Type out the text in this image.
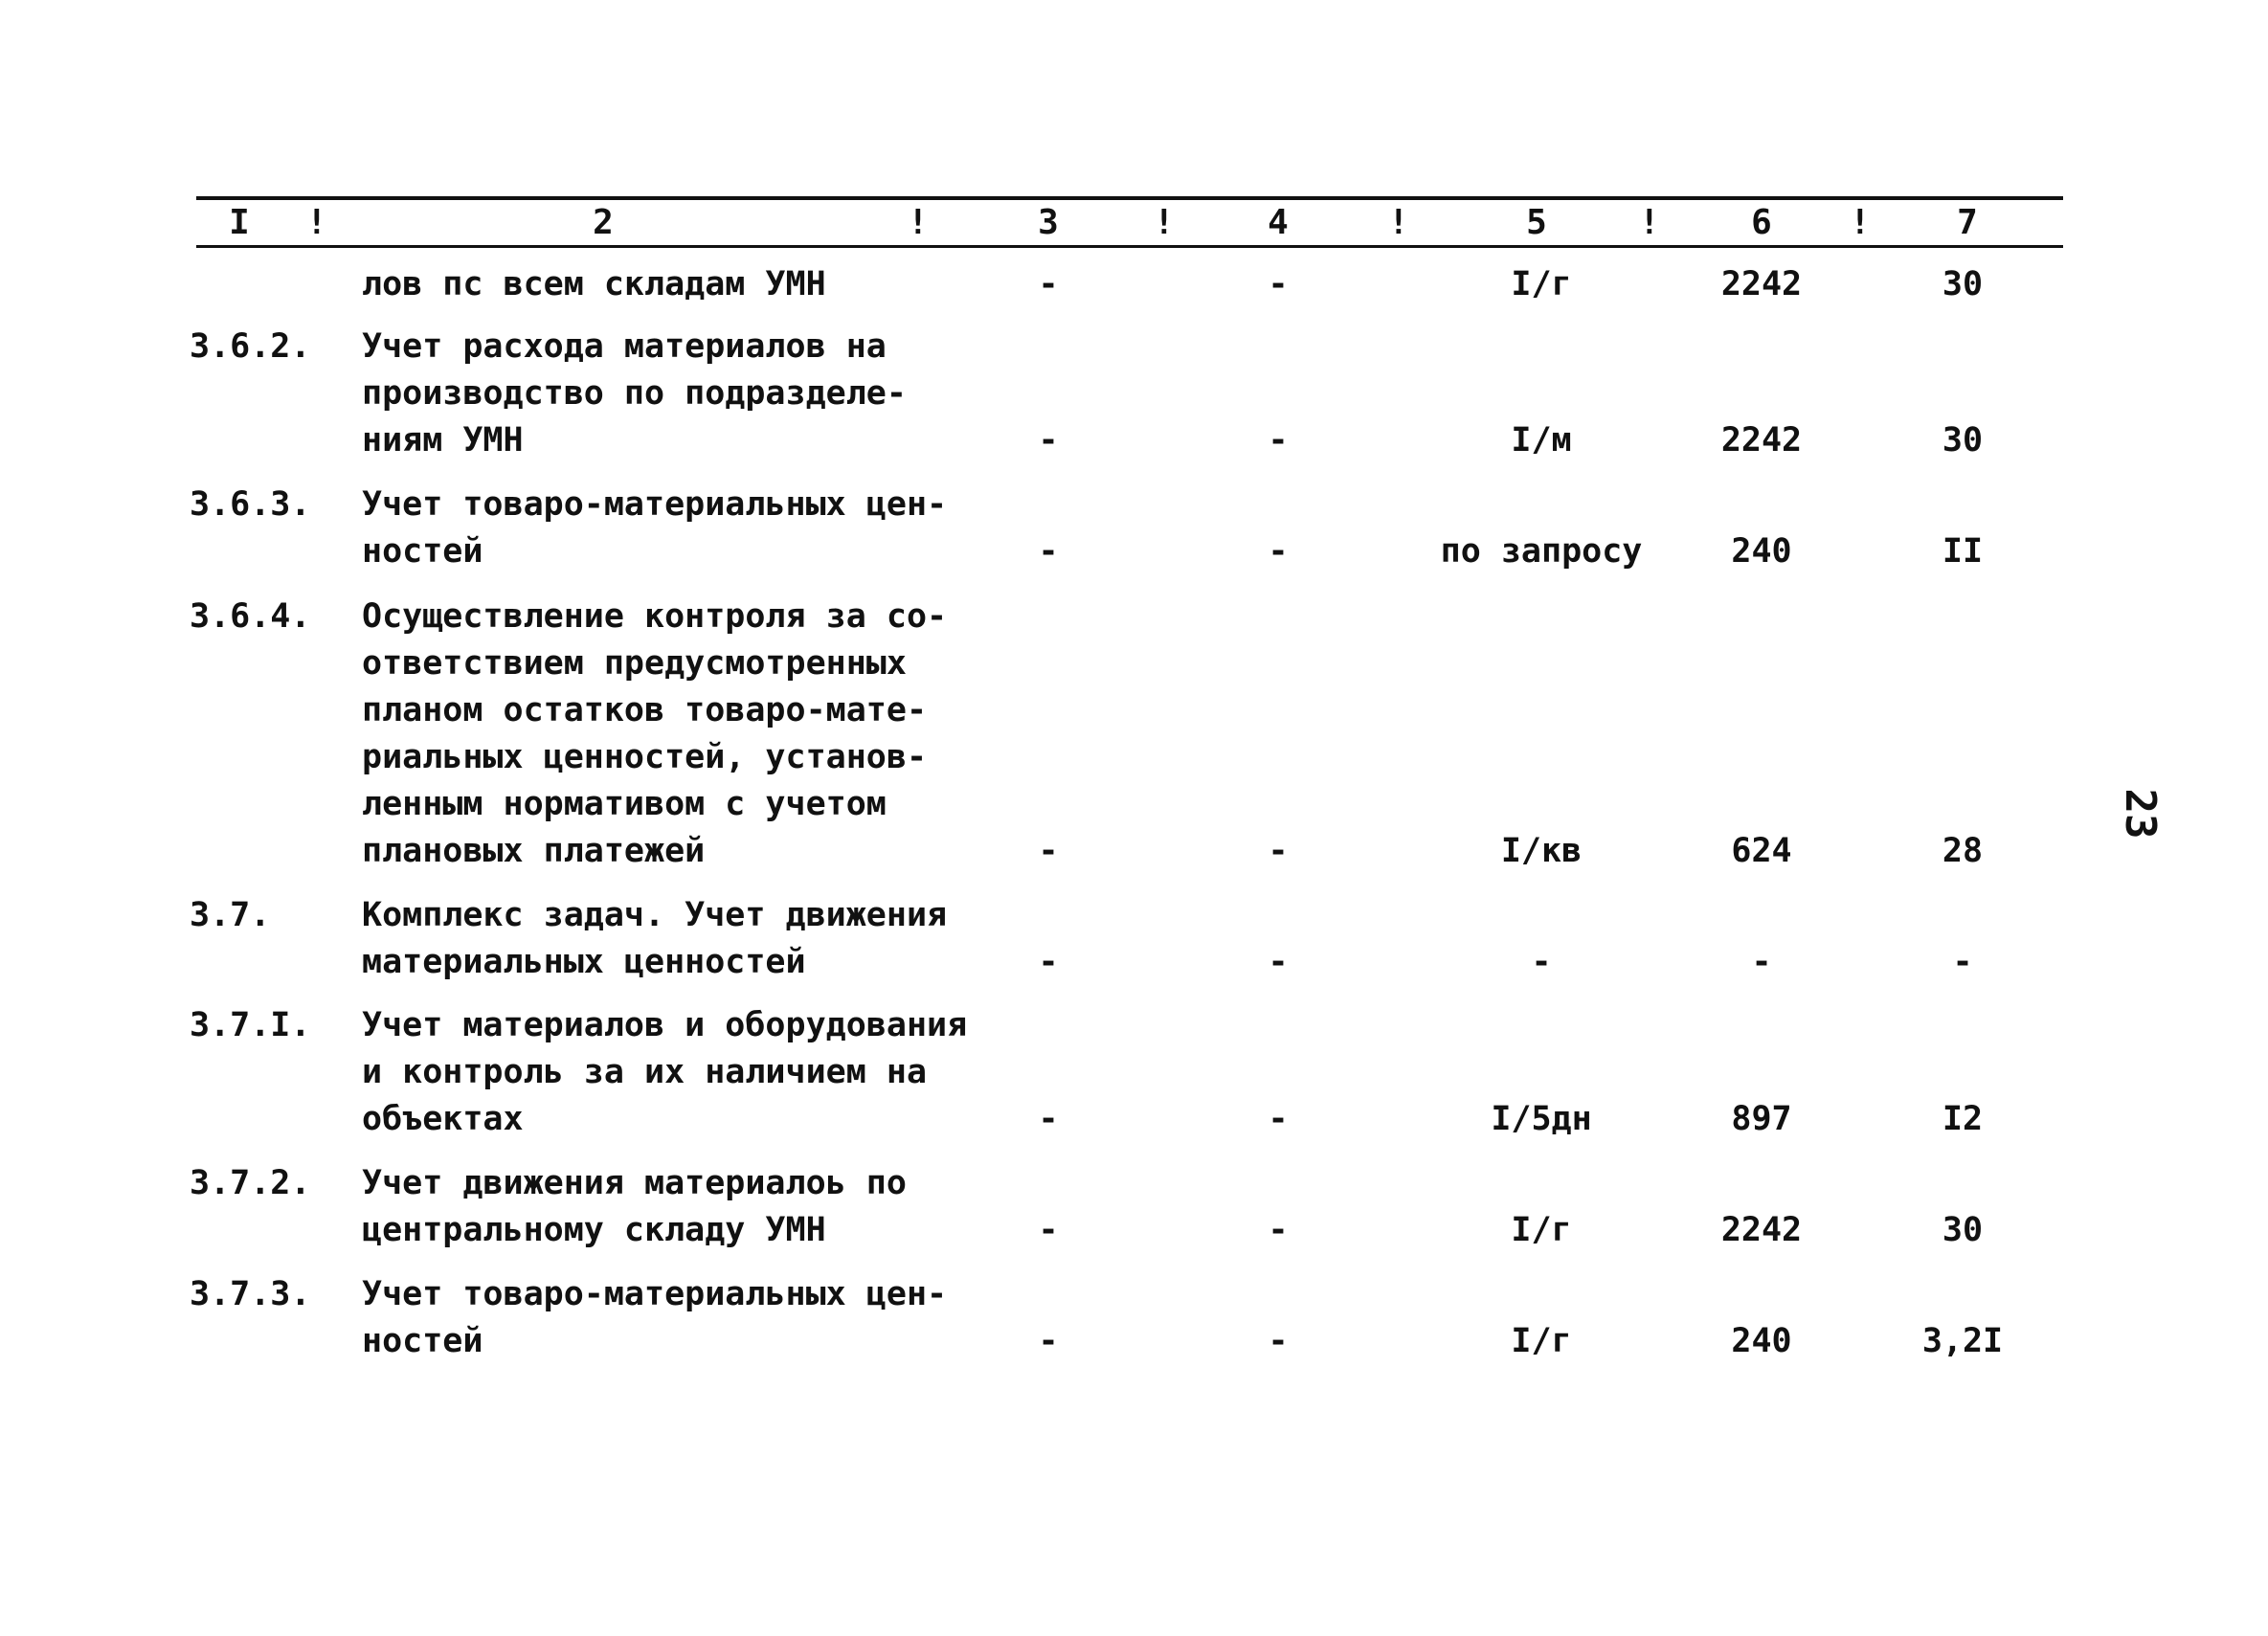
I	!	2	!	3	!	4	!	5	!	6	!	7
лов пс всем складам УМН	-	-	I/г	2242	30
3.6.2.	Учет расхода материалов на
производство по подразделе-
ниям УМН	-	-	I/м	2242	30
3.6.3.	Учет товаро-материальных цен-
ностей	-	-	по запросу	240	II
3.6.4.	Осуществление контроля за со-
ответствием предусмотренных
планом остатков товаро-мате-
риальных ценностей, установ-
ленным нормативом с учетом
плановых платежей	-	-	I/кв	624	28
3.7.	Комплекс задач. Учет движения
материальных ценностей	-	-	-	-	-
3.7.I.	Учет материалов и оборудования
и контроль за их наличием на
объектах	-	-	I/5дн	897	I2
3.7.2.	Учет движения материалоь по
центральному складу УМН	-	-	I/г	2242	30
3.7.3.	Учет товаро-материальных цен-
ностей	-	-	I/г	240	3,2I
23
